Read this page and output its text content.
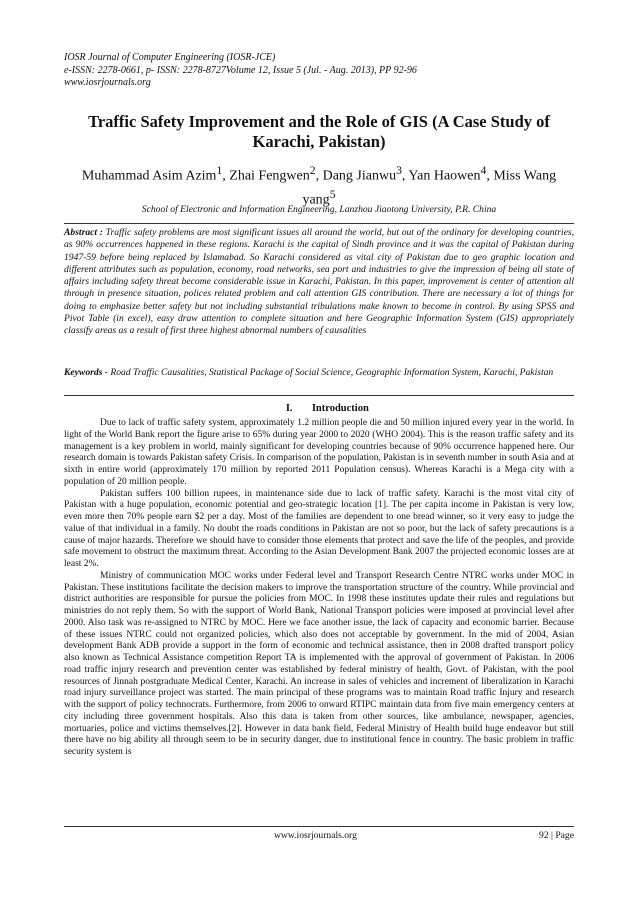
IOSR Journal of Computer Engineering (IOSR-JCE)
e-ISSN: 2278-0661, p- ISSN: 2278-8727Volume 12, Issue 5 (Jul. - Aug. 2013), PP 92-96
www.iosrjournals.org
Traffic Safety Improvement and the Role of GIS (A Case Study of Karachi, Pakistan)
Muhammad Asim Azim$^1$, Zhai Fengwen$^2$, Dang Jianwu$^3$, Yan Haowen$^4$, Miss Wang yang$^5$
School of Electronic and Information Engineering, Lanzhou Jiaotong University, P.R. China
Abstract : Traffic safety problems are most significant issues all around the world, but out of the ordinary for developing countries, as 90% occurrences happened in these regions. Karachi is the capital of Sindh province and it was the capital of Pakistan during 1947-59 before being replaced by Islamabad. So Karachi considered as vital city of Pakistan due to geo graphic location and different attributes such as population, economy, road networks, sea port and industries to give the impression of being all state of affairs including safety threat become considerable issue in Karachi, Pakistan. In this paper, improvement is center of attention all through in presence situation, polices related problem and call attention GIS contribution. There are necessary a lot of things for doing to emphasize better safety but not including substantial tribulations make known to become in control. By using SPSS and Pivot Table (in excel), easy draw attention to complete situation and here Geographic Information System (GIS) appropriately classify areas as a result of first three highest abnormal numbers of causalities
Keywords - Road Traffic Causalities, Statistical Package of Social Science, Geographic Information System, Karachi, Pakistan
I. Introduction

Due to lack of traffic safety system, approximately 1.2 million people die and 50 million injured every year in the world. In light of the World Bank report the figure arise to 65% during year 2000 to 2020 (WHO 2004). This is the reason traffic safety and its management is a key problem in world, mainly significant for developing countries because of 90% occurrence happened here. Our research domain is towards Pakistan safety Crisis. In comparison of the population, Pakistan is in seventh number in south Asia and at sixth in entire world (approximately 170 million by reported 2011 Population census). Whereas Karachi is a Mega city with a population of 20 million people.

Pakistan suffers 100 billion rupees, in maintenance side due to lack of traffic safety. Karachi is the most vital city of Pakistan with a huge population, economic potential and geo-strategic location [1]. The per capita income in Pakistan is very low, even more then 70% people earn $2 per a day. Most of the families are dependent to one bread winner, so it very easy to judge the value of that individual in a family. No doubt the roads conditions in Pakistan are not so poor, but the lack of safety precautions is a cause of major hazards. Therefore we should have to consider those elements that protect and save the life of the peoples, and provide safe movement to obstruct the maximum threat. According to the Asian Development Bank 2007 the projected economic losses are at least 2%.

Ministry of communication MOC works under Federal level and Transport Research Centre NTRC works under MOC in Pakistan. These institutions facilitate the decision makers to improve the transportation structure of the country. While provincial and district authorities are responsible for pursue the policies from MOC. In 1998 these institutes update their rules and regulations but ministries do not reply them. So with the support of World Bank, National Transport policies were imposed at provincial level after 2000. Also task was re-assigned to NTRC by MOC. Here we face another issue, the lack of capacity and economic barrier. Because of these issues NTRC could not organized policies, which also does not acceptable by government. In the mid of 2004, Asian development Bank ADB provide a support in the form of economic and technical assistance, then in 2008 drafted transport policy also known as Technical Assistance competition Report TA is implemented with the approval of government of Pakistan. In 2006 road traffic injury research and prevention center was established by federal ministry of health, Govt. of Pakistan, with the pool resources of Jinnah postgraduate Medical Center, Karachi. An increase in sales of vehicles and increment of liberalization in Karachi road injury surveillance project was started. The main principal of these programs was to maintain Road traffic Injury and research with the support of policy technocrats. Furthermore, from 2006 to onward RTIPC maintain data from five main emergency centers at city including three government hospitals. Also this data is taken from other sources, like ambulance, newspaper, agencies, mortuaries, police and victims themselves.[2]. However in data bank field, Federal Ministry of Health build huge endeavor but still there have no big ability all through seem to be in security danger, due to institutional fence in country. The basic problem in traffic security system is

www.iosrjournals.org	92 | Page
